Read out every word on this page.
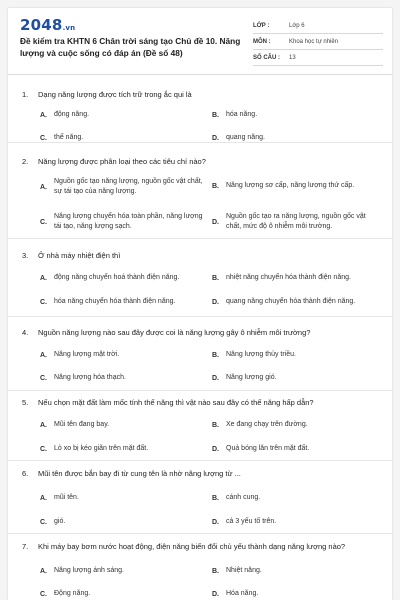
2048.vn
Đề kiểm tra KHTN 6 Chân trời sáng tạo Chủ đề 10. Năng lượng và cuộc sống có đáp án (Đề số 48)
LỚP :	Lớp 6
MÔN :	Khoa học tự nhiên
SỐ CÂU :	13
1. Dạng năng lượng được tích trữ trong ắc qui là
A.	động năng.	B.	hóa năng.
C.	thế năng.	D.	quang năng.
2. Năng lượng được phân loại theo các tiêu chí nào?
A.
Nguồn gốc tạo năng lượng, nguồn gốc vật chất, sự tái tạo của năng lượng.
B.	Năng lượng sơ cấp, năng lượng thứ cấp.
C.
Năng lượng chuyển hóa toàn phần, năng lượng tái tạo, năng lượng sạch.
D.
Nguồn gốc tạo ra năng lượng, nguồn gốc vật chất, mức độ ô nhiễm môi trường.
3. Ở nhà máy nhiệt điện thì
A.	động năng chuyển hoá thành điện năng.	B.	nhiệt năng chuyển hóa thành điện năng.
C.	hóa năng chuyển hóa thành điện năng.	D.	quang năng chuyển hóa thành điện năng.
4. Nguồn năng lượng nào sau đây được coi là năng lượng gây ô nhiễm môi trường?
A.	Năng lượng mặt trời.	B.	Năng lượng thủy triều.
C.	Năng lượng hóa thạch.	D.	Năng lượng gió.
5. Nếu chọn mặt đất làm mốc tính thế năng thì vật nào sau đây có thế năng hấp dẫn?
A.	Mũi tên đang bay.	B.	Xe đang chạy trên đường.
C.	Lò xo bị kéo giãn trên mặt đất.	D.	Quả bóng lăn trên mặt đất.
6. Mũi tên được bắn bay đi từ cung tên là nhờ năng lượng từ ...
A.	mũi tên.	B.	cánh cung.
C.	gió.	D.	cả 3 yếu tố trên.
7. Khi máy bay bơm nước hoạt động, điện năng biến đổi chủ yếu thành dạng năng lượng nào?
A.	Năng lượng ánh sáng.	B.	Nhiệt năng.
C.	Động năng.	D.	Hóa năng.
